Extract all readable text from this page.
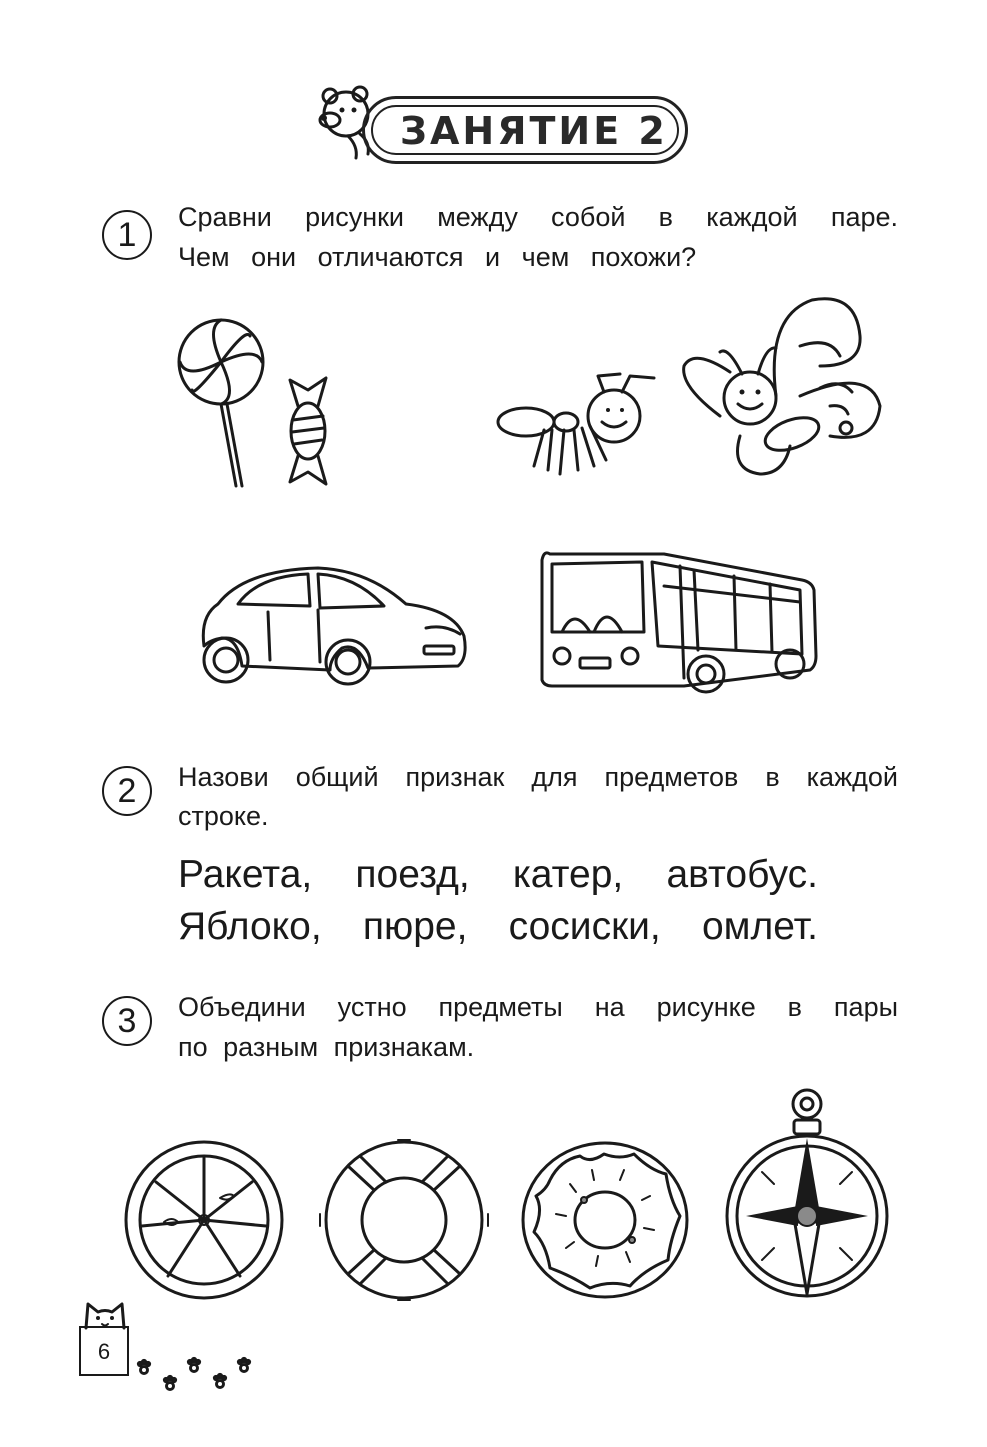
ЗАНЯТИЕ 2
1	Сравни рисунки между собой в каждой паре.
Чем они отличаются и чем похожи?
2	Назови общий признак для предметов в каждой
строке.
Ракета, поезд, катер, автобус.
Яблоко, пюре, сосиски, омлет.
3	Объедини устно предметы на рисунке в пары
по разным признакам.
6
